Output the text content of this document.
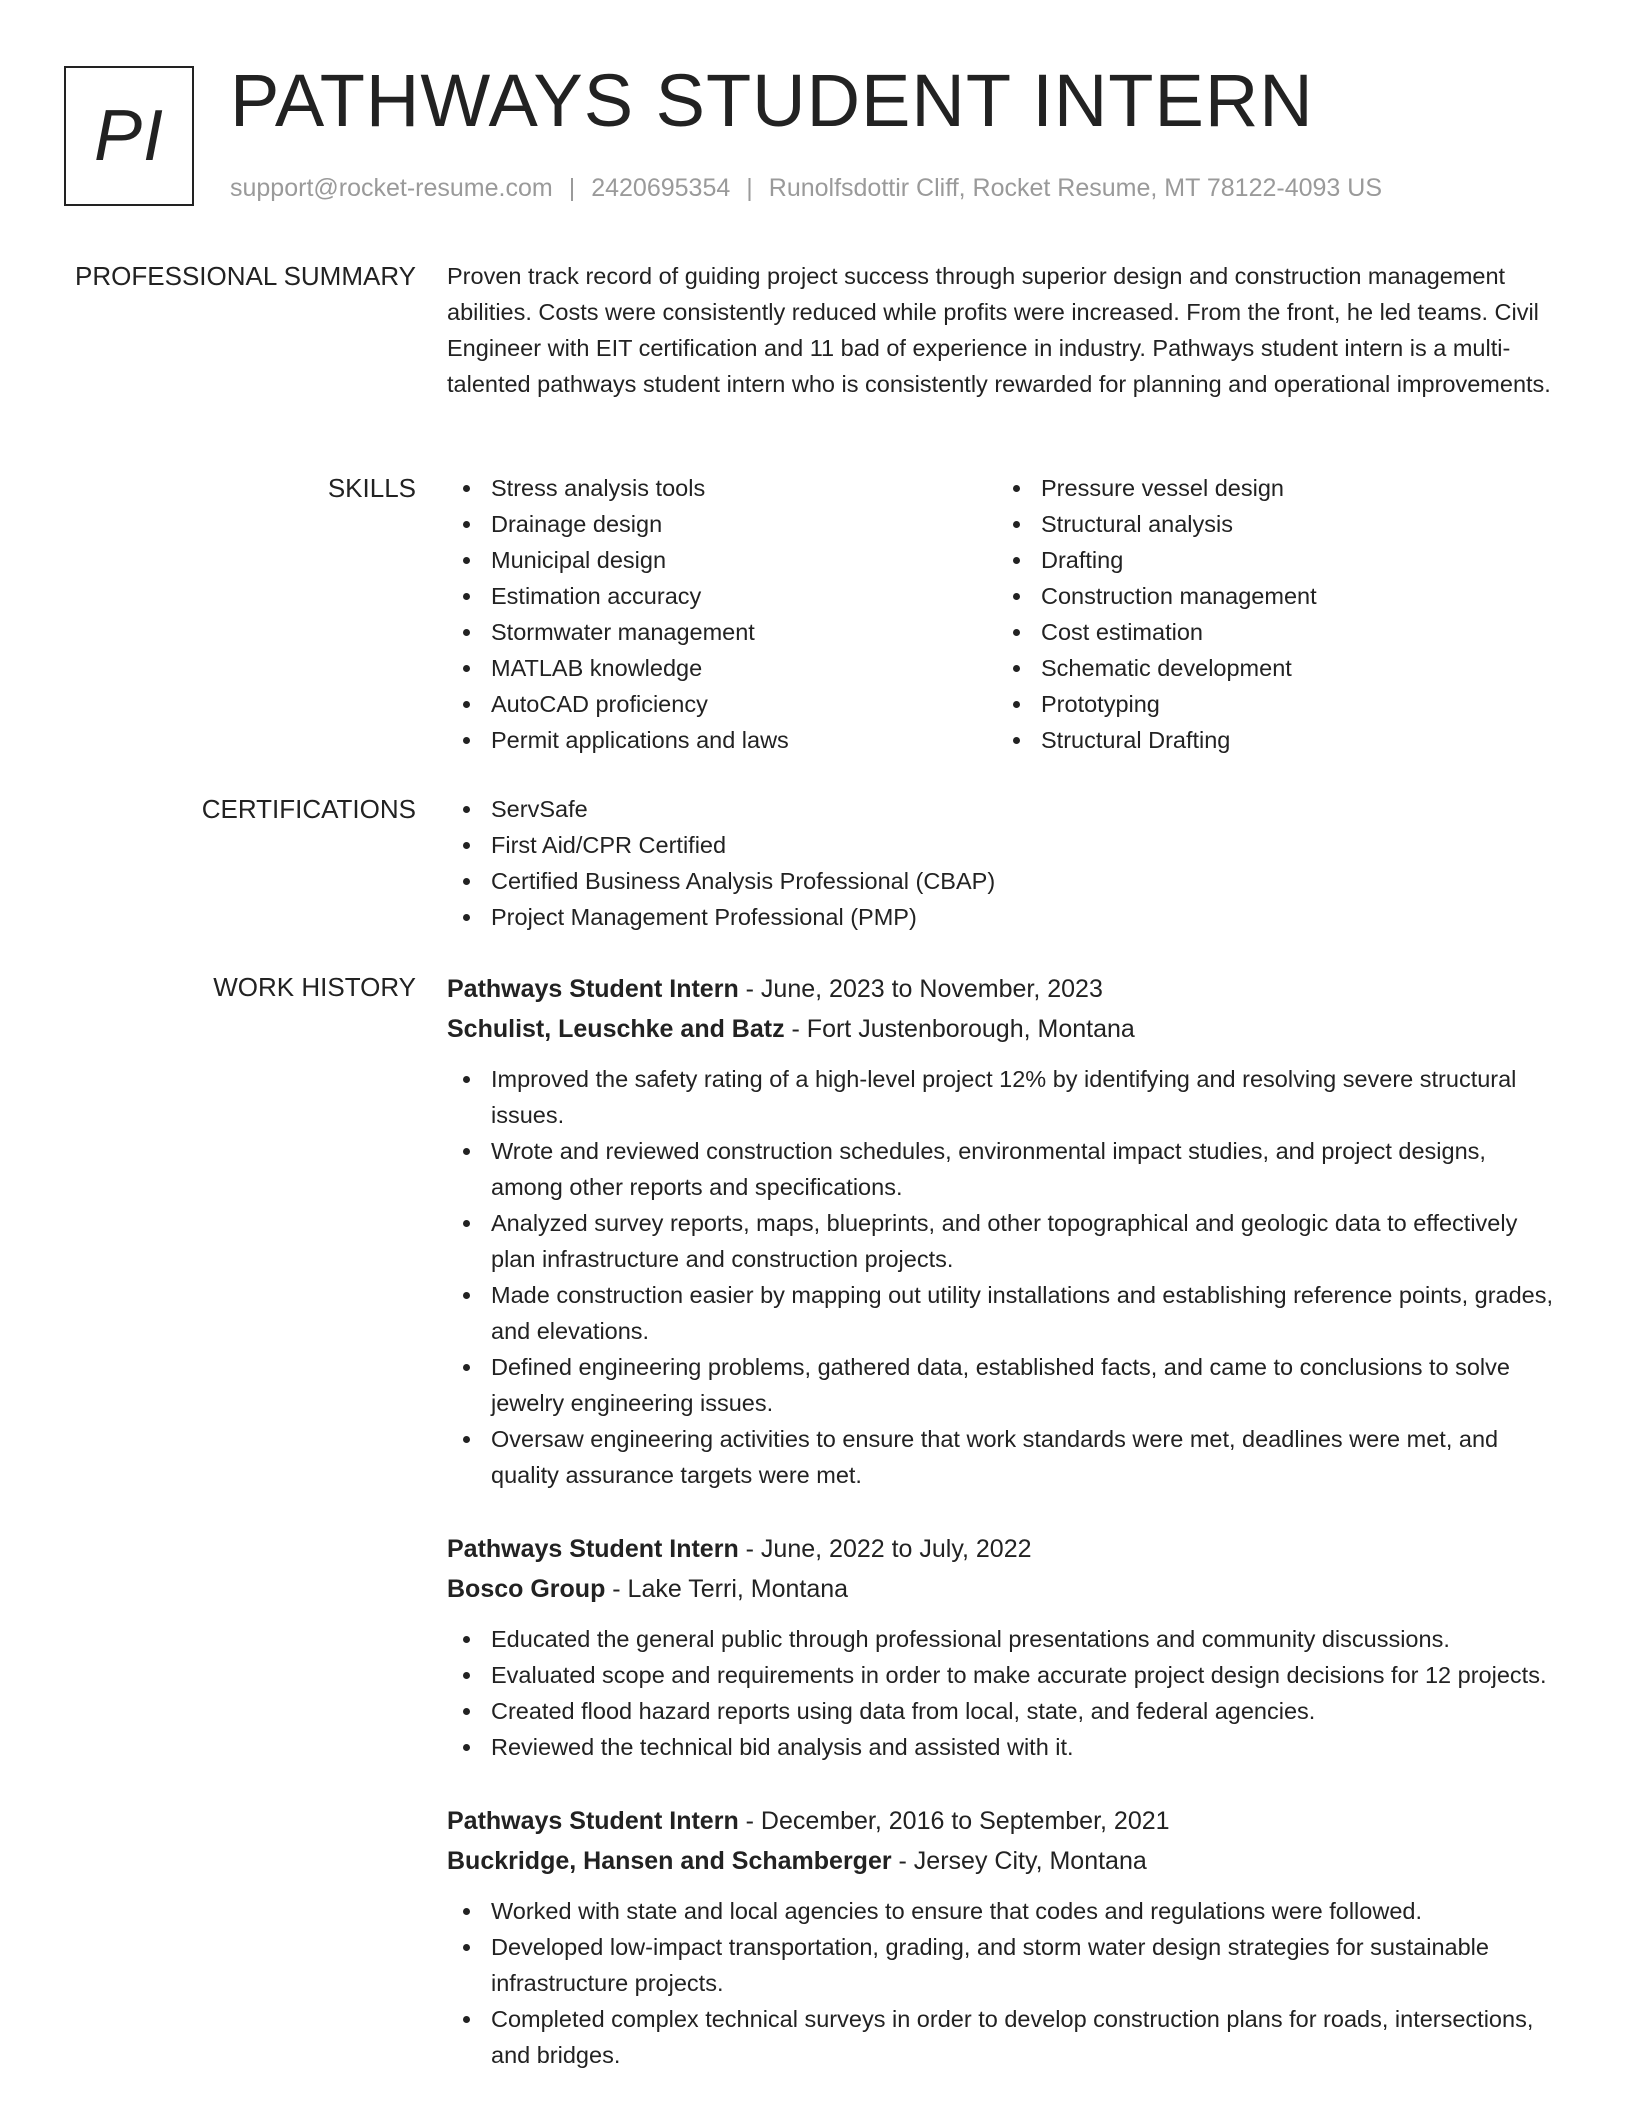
PI PATHWAYS STUDENT INTERN
support@rocket-resume.com | 2420695354 | Runolfsdottir Cliff, Rocket Resume, MT 78122-4093 US
PROFESSIONAL SUMMARY Proven track record of guiding project success through superior design and construction management abilities. Costs were consistently reduced while profits were increased. From the front, he led teams. Civil Engineer with EIT certification and 11 bad of experience in industry. Pathways student intern is a multi-talented pathways student intern who is consistently rewarded for planning and operational improvements.

SKILLS	Stress analysis tools
Drainage design
Municipal design
Estimation accuracy
Stormwater management
MATLAB knowledge
AutoCAD proficiency
Permit applications and laws
Pressure vessel design
Structural analysis
Drafting
Construction management
Cost estimation
Schematic development
Prototyping
Structural Drafting
CERTIFICATIONS	ServSafe
First Aid/CPR Certified
Certified Business Analysis Professional (CBAP)
Project Management Professional (PMP)
WORK HISTORY Pathways Student Intern - June, 2023 to November, 2023
Schulist, Leuschke and Batz - Fort Justenborough, Montana
Improved the safety rating of a high-level project 12% by identifying and resolving severe structural issues.
Wrote and reviewed construction schedules, environmental impact studies, and project designs, among other reports and specifications.
Analyzed survey reports, maps, blueprints, and other topographical and geologic data to effectively plan infrastructure and construction projects.
Made construction easier by mapping out utility installations and establishing reference points, grades, and elevations.
Defined engineering problems, gathered data, established facts, and came to conclusions to solve jewelry engineering issues.
Oversaw engineering activities to ensure that work standards were met, deadlines were met, and quality assurance targets were met.
Pathways Student Intern - June, 2022 to July, 2022
Bosco Group - Lake Terri, Montana
Educated the general public through professional presentations and community discussions.
Evaluated scope and requirements in order to make accurate project design decisions for 12 projects.
Created flood hazard reports using data from local, state, and federal agencies.
Reviewed the technical bid analysis and assisted with it.
Pathways Student Intern - December, 2016 to September, 2021
Buckridge, Hansen and Schamberger - Jersey City, Montana
Worked with state and local agencies to ensure that codes and regulations were followed.
Developed low-impact transportation, grading, and storm water design strategies for sustainable infrastructure projects.
Completed complex technical surveys in order to develop construction plans for roads, intersections, and bridges.
